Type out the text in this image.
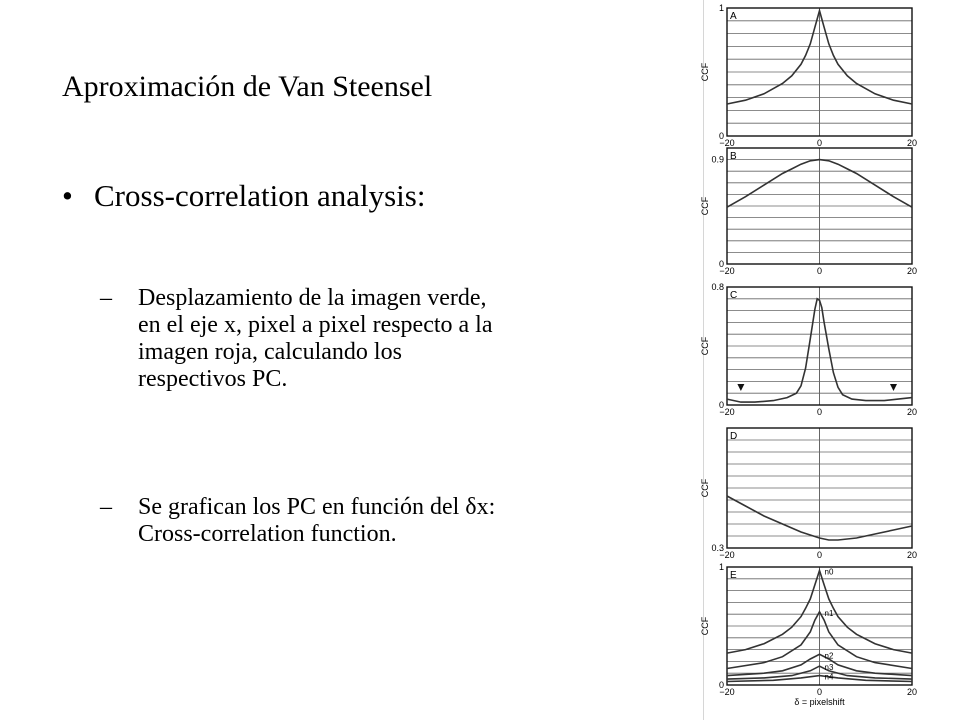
Aproximación de Van Steensel
• Cross-correlation analysis:
– Desplazamiento de la imagen verde,
en el eje x, pixel a pixel respecto a la
imagen roja, calculando los
respectivos PC.
– Se grafican los PC en función del δx:
Cross-correlation function.
A
CCF
1
0
−20	0	20
B
CCF
0.9
0
−20	0	20
C
CCF
0.8
0
−20	0	20
D
CCF
0.3
−20	0	20
E
CCF
1
0
−20	0	20
δ = pixelshift
n0
n1
n2
n3
n4
